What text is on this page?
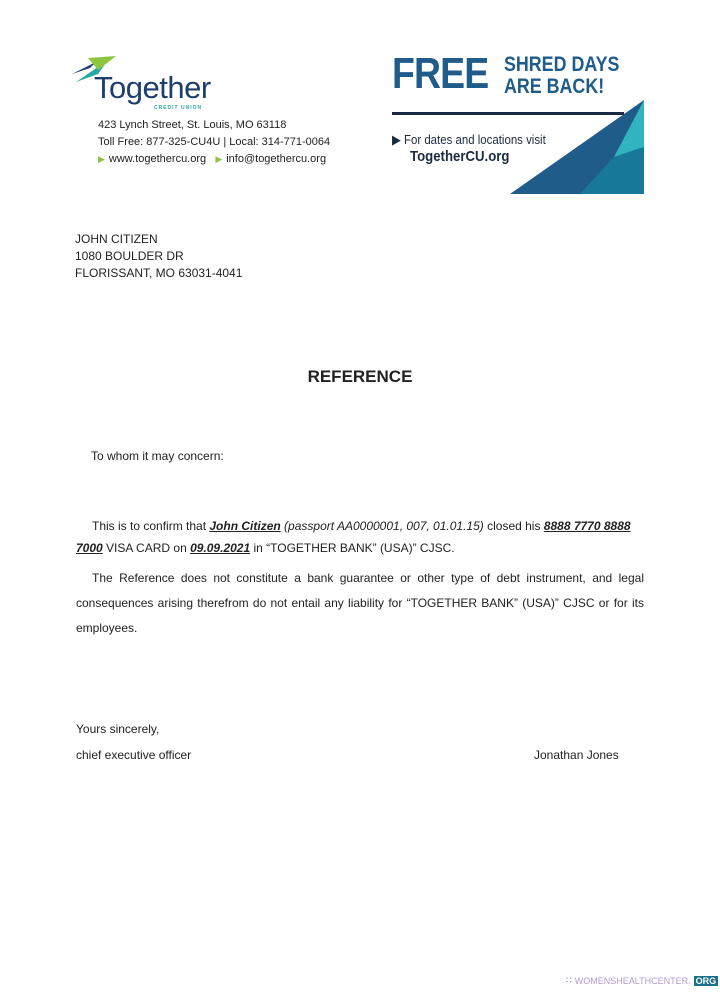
Together
CREDIT UNION
423 Lynch Street, St. Louis, MO 63118
Toll Free: 877-325-CU4U | Local: 314-771-0064
▶ www.togethercu.org ▶ info@togethercu.org
FREE SHRED DAYS
ARE BACK!
▶ For dates and locations visit
TogetherCU.org
JOHN CITIZEN
1080 BOULDER DR
FLORISSANT, MO 63031-4041
REFERENCE
To whom it may concern:
This is to confirm that John Citizen (passport AA0000001, 007, 01.01.15) closed his 8888 7770 8888 7000 VISA CARD on 09.09.2021 in “TOGETHER BANK” (USA)” CJSC.
The Reference does not constitute a bank guarantee or other type of debt instrument, and legal consequences arising therefrom do not entail any liability for “TOGETHER BANK” (USA)” CJSC or for its employees.
Yours sincerely,
chief executive officer	Jonathan Jones
∷ WOMENSHEALTHCENTER. ORG
